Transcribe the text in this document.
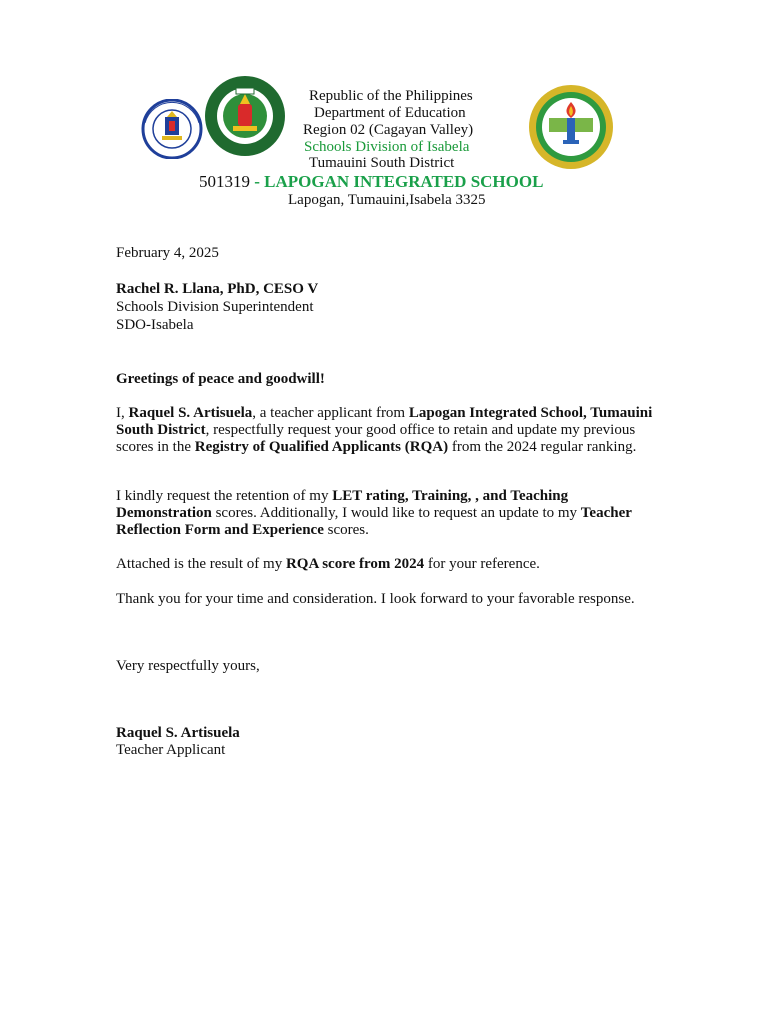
Republic of the Philippines
Department of Education
Region 02 (Cagayan Valley)
Schools Division of Isabela
Tumauini South District
501319 - LAPOGAN INTEGRATED SCHOOL
Lapogan, Tumauini,Isabela 3325
February 4, 2025
Rachel R. Llana, PhD, CESO V
Schools Division Superintendent
SDO-Isabela
Greetings of peace and goodwill!
I, Raquel S. Artisuela, a teacher applicant from Lapogan Integrated School, Tumauini South District, respectfully request your good office to retain and update my previous scores in the Registry of Qualified Applicants (RQA) from the 2024 regular ranking.
I kindly request the retention of my LET rating, Training, , and Teaching Demonstration scores. Additionally, I would like to request an update to my Teacher Reflection Form and Experience scores.
Attached is the result of my RQA score from 2024 for your reference.
Thank you for your time and consideration. I look forward to your favorable response.
Very respectfully yours,
Raquel S. Artisuela
Teacher Applicant
